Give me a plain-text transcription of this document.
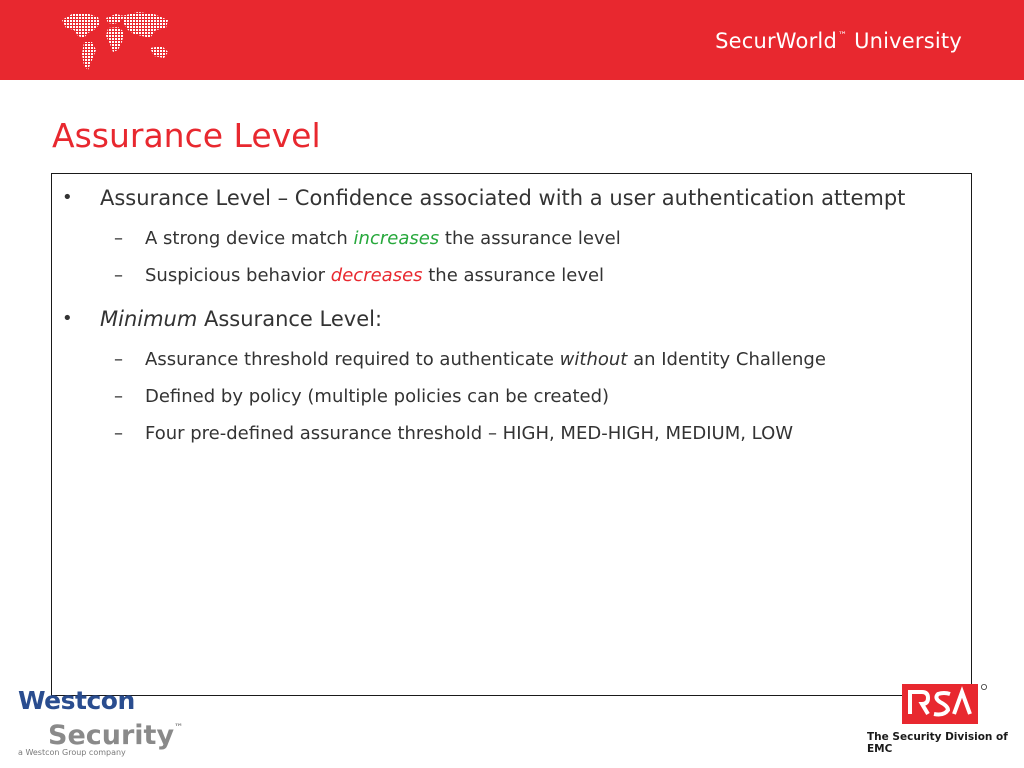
SecurWorld™ University
Assurance Level
• Assurance Level – Confidence associated with a user authentication attempt
– A strong device match increases the assurance level
– Suspicious behavior decreases the assurance level
• Minimum Assurance Level:
– Assurance threshold required to authenticate without an Identity Challenge
– Defined by policy (multiple policies can be created)
– Four pre-defined assurance threshold – HIGH, MED-HIGH, MEDIUM, LOW
Westcon
Security™
a Westcon Group company
The Security Division of EMC
